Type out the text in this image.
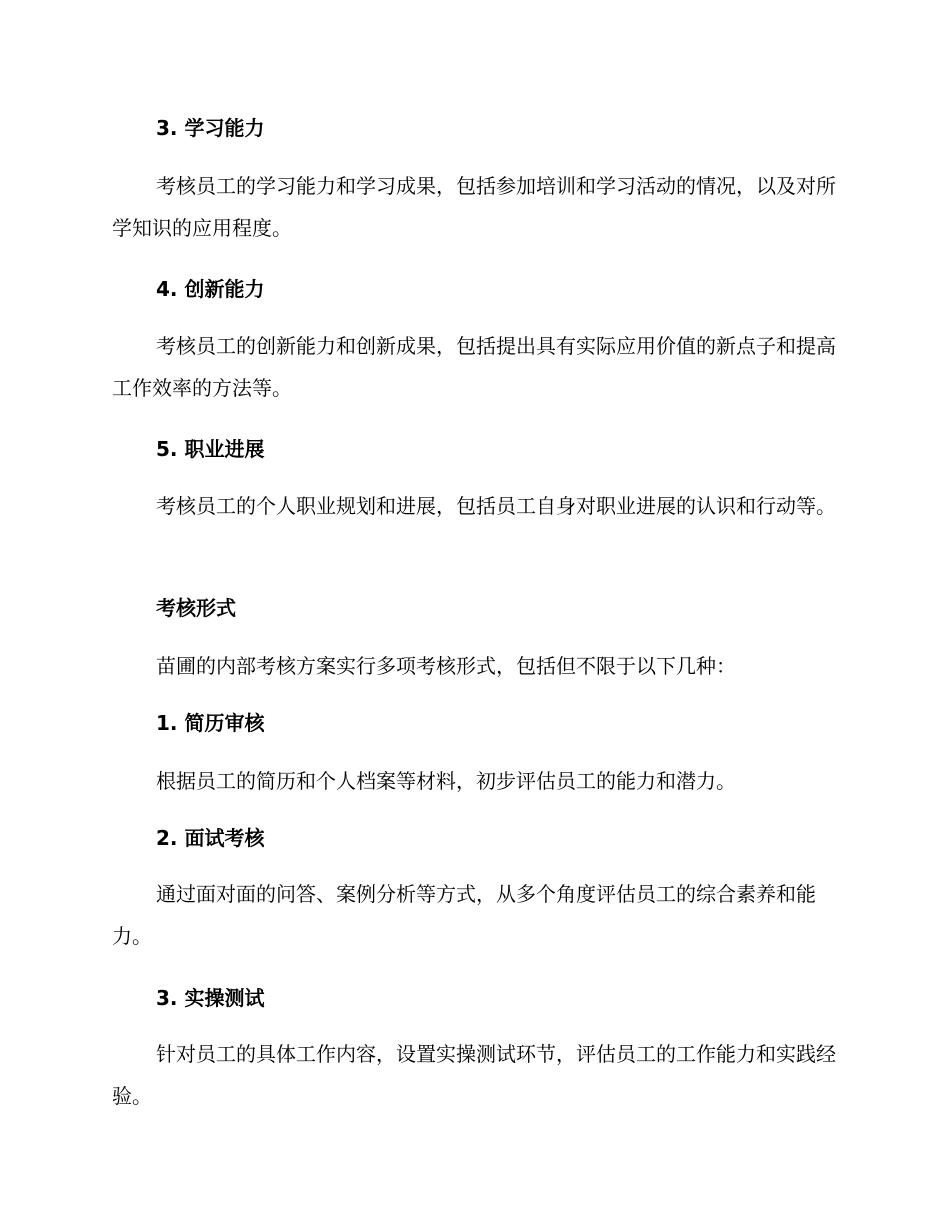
3. 学习能力
考核员工的学习能力和学习成果，包括参加培训和学习活动的情况，以及对所学知识的应用程度。
4. 创新能力
考核员工的创新能力和创新成果，包括提出具有实际应用价值的新点子和提高工作效率的方法等。
5. 职业进展
考核员工的个人职业规划和进展，包括员工自身对职业进展的认识和行动等。
考核形式
苗圃的内部考核方案实行多项考核形式，包括但不限于以下几种：
1. 简历审核
根据员工的简历和个人档案等材料，初步评估员工的能力和潜力。
2. 面试考核
通过面对面的问答、案例分析等方式，从多个角度评估员工的综合素养和能力。
3. 实操测试
针对员工的具体工作内容，设置实操测试环节，评估员工的工作能力和实践经验。
